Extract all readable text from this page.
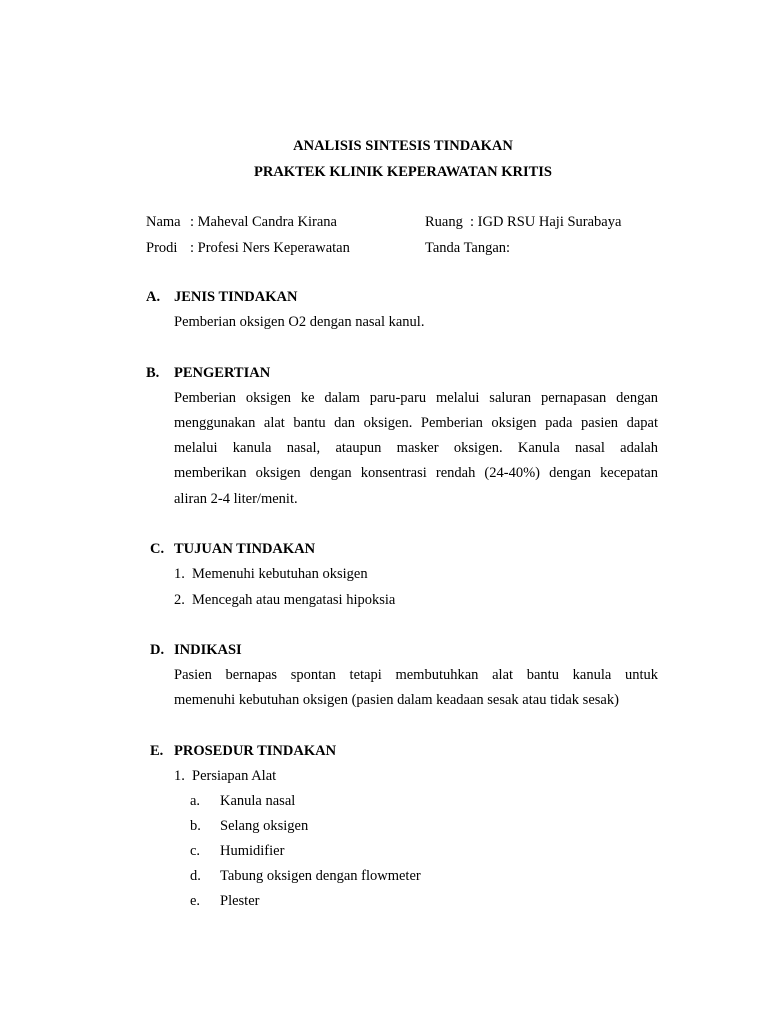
ANALISIS SINTESIS TINDAKAN
PRAKTEK KLINIK KEPERAWATAN KRITIS
Nama : Maheval Candra Kirana	Ruang : IGD RSU Haji Surabaya
Prodi : Profesi Ners Keperawatan	Tanda Tangan:
A. JENIS TINDAKAN
Pemberian oksigen O2 dengan nasal kanul.
B. PENGERTIAN
Pemberian oksigen ke dalam paru-paru melalui saluran pernapasan dengan
menggunakan alat bantu dan oksigen. Pemberian oksigen pada pasien dapat
melalui kanula nasal, ataupun masker oksigen. Kanula nasal adalah
memberikan oksigen dengan konsentrasi rendah (24-40%) dengan kecepatan
aliran 2-4 liter/menit.
C. TUJUAN TINDAKAN
1. Memenuhi kebutuhan oksigen
2. Mencegah atau mengatasi hipoksia
D. INDIKASI
Pasien bernapas spontan tetapi membutuhkan alat bantu kanula untuk
memenuhi kebutuhan oksigen (pasien dalam keadaan sesak atau tidak sesak)
E. PROSEDUR TINDAKAN
1. Persiapan Alat
a. Kanula nasal
b. Selang oksigen
c. Humidifier
d. Tabung oksigen dengan flowmeter
e. Plester
